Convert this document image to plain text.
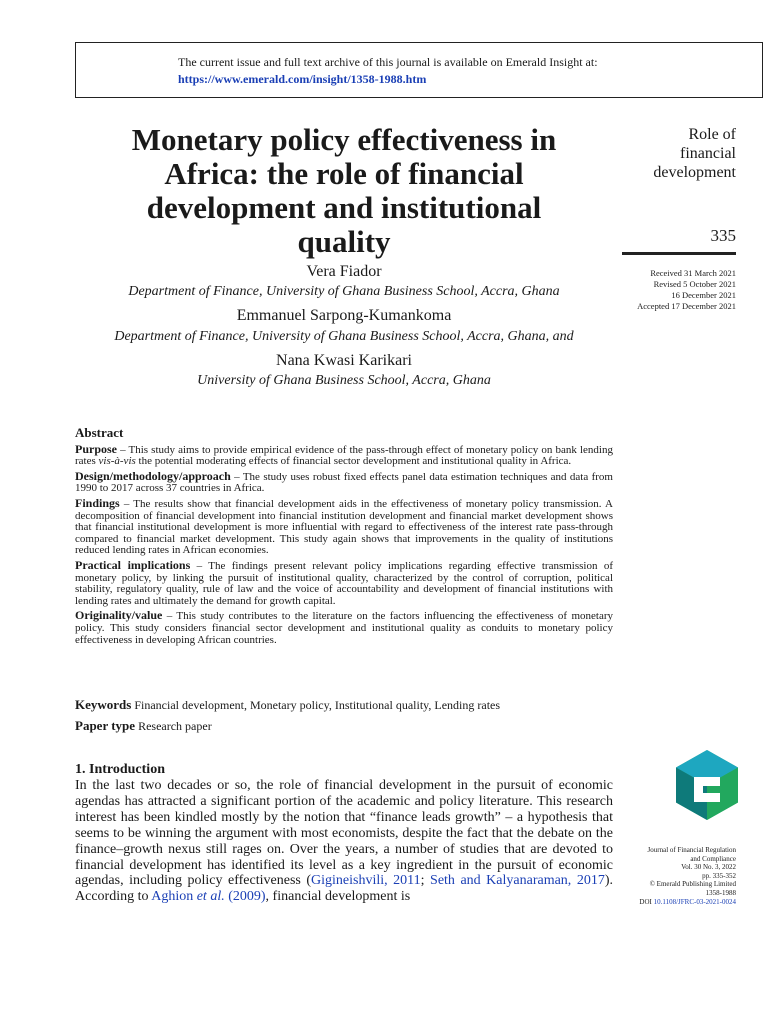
The current issue and full text archive of this journal is available on Emerald Insight at:
https://www.emerald.com/insight/1358-1988.htm
Monetary policy effectiveness in
Africa: the role of financial
development and institutional
quality
Role of
financial
development
335
Received 31 March 2021
Revised 5 October 2021
16 December 2021
Accepted 17 December 2021
Vera Fiador
Department of Finance, University of Ghana Business School, Accra, Ghana
Emmanuel Sarpong-Kumankoma
Department of Finance, University of Ghana Business School, Accra, Ghana, and
Nana Kwasi Karikari
University of Ghana Business School, Accra, Ghana
Abstract

Purpose – This study aims to provide empirical evidence of the pass-through effect of monetary policy on bank lending rates vis-à-vis the potential moderating effects of financial sector development and institutional quality in Africa.

Design/methodology/approach – The study uses robust fixed effects panel data estimation techniques and data from 1990 to 2017 across 37 countries in Africa.

Findings – The results show that financial development aids in the effectiveness of monetary policy transmission. A decomposition of financial development into financial institution development and financial market development shows that financial institutional development is more influential with regard to effectiveness of the interest rate pass-through compared to financial market development. This study again shows that improvements in the quality of institutions reduced lending rates in African economies.

Practical implications – The findings present relevant policy implications regarding effective transmission of monetary policy, by linking the pursuit of institutional quality, characterized by the control of corruption, political stability, regulatory quality, rule of law and the voice of accountability and development of financial institutions with lending rates and ultimately the demand for growth capital.

Originality/value – This study contributes to the literature on the factors influencing the effectiveness of monetary policy. This study considers financial sector development and institutional quality as conduits to monetary policy effectiveness in developing African countries.

Keywords Financial development, Monetary policy, Institutional quality, Lending rates
Paper type Research paper
1. Introduction

In the last two decades or so, the role of financial development in the pursuit of economic agendas has attracted a significant portion of the academic and policy literature. This research interest has been kindled mostly by the notion that “finance leads growth” – a hypothesis that seems to be winning the argument with most economists, despite the fact that the debate on the finance–growth nexus still rages on. Over the years, a number of studies that are devoted to financial development has identified its level as a key ingredient in the pursuit of economic agendas, including policy effectiveness (Gigineishvili, 2011; Seth and Kalyanaraman, 2017). According to Aghion et al. (2009), financial development is

Journal of Financial Regulation
and Compliance
Vol. 30 No. 3, 2022
pp. 335-352
© Emerald Publishing Limited
1358-1988
DOI 10.1108/JFRC-03-2021-0024
